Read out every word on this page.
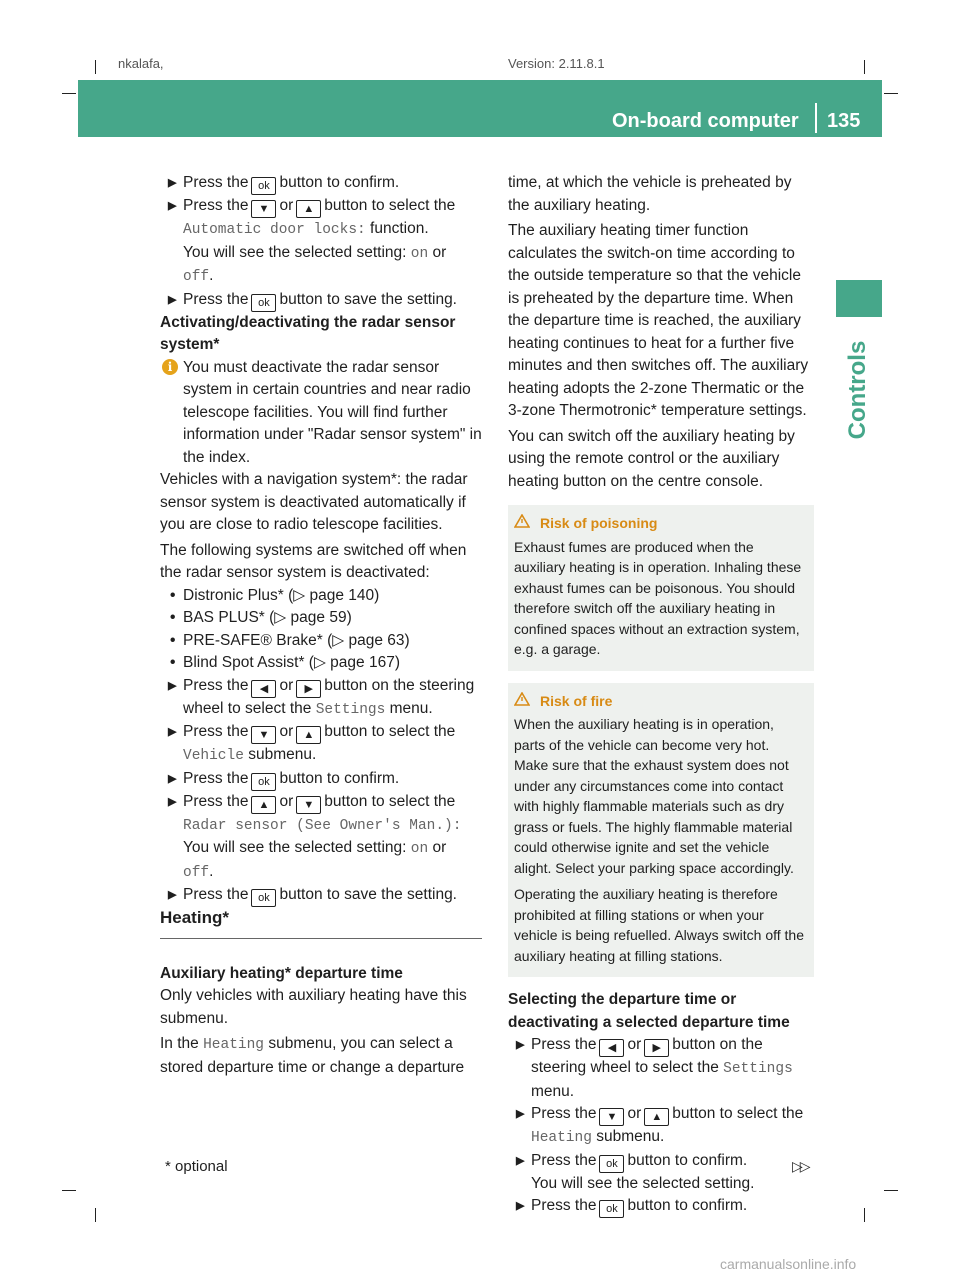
nkalafa,	Version: 2.11.8.1
On-board computer 135
Controls

▶ Press the ok button to confirm.

▶ Press the ▼ or ▲ button to select the Automatic door locks: function.
You will see the selected setting: on or
off.

▶ Press the ok button to save the setting.

Activating/deactivating the radar sensor system*

i You must deactivate the radar sensor system in certain countries and near radio telescope facilities. You will find further information under "Radar sensor system" in the index.

Vehicles with a navigation system*: the radar sensor system is deactivated automatically if you are close to radio telescope facilities.

The following systems are switched off when the radar sensor system is deactivated:

• Distronic Plus* (▷ page 140)

• BAS PLUS* (▷ page 59)

• PRE-SAFE® Brake* (▷ page 63)

• Blind Spot Assist* (▷ page 167)

▶ Press the ◀ or ▶ button on the steering wheel to select the Settings menu.

▶ Press the ▼ or ▲ button to select the Vehicle submenu.

▶ Press the ok button to confirm.

▶ Press the ▲ or ▼ button to select the Radar sensor (See Owner's Man.):
You will see the selected setting: on or
off.

▶ Press the ok button to save the setting.

Heating*

Auxiliary heating* departure time

Only vehicles with auxiliary heating have this submenu.

In the Heating submenu, you can select a stored departure time or change a departure

time, at which the vehicle is preheated by the auxiliary heating.

The auxiliary heating timer function calculates the switch-on time according to the outside temperature so that the vehicle is preheated by the departure time. When the departure time is reached, the auxiliary heating continues to heat for a further five minutes and then switches off. The auxiliary heating adopts the 2-zone Thermatic or the 3-zone Thermotronic* temperature settings.

You can switch off the auxiliary heating by using the remote control or the auxiliary heating button on the centre console.

Risk of poisoning

Exhaust fumes are produced when the auxiliary heating is in operation. Inhaling these exhaust fumes can be poisonous. You should therefore switch off the auxiliary heating in confined spaces without an extraction system, e.g. a garage.

Risk of fire

When the auxiliary heating is in operation, parts of the vehicle can become very hot. Make sure that the exhaust system does not under any circumstances come into contact with highly flammable materials such as dry grass or fuels. The highly flammable material could otherwise ignite and set the vehicle alight. Select your parking space accordingly.

Operating the auxiliary heating is therefore prohibited at filling stations or when your vehicle is being refuelled. Always switch off the auxiliary heating at filling stations.

Selecting the departure time or deactivating a selected departure time

▶ Press the ◀ or ▶ button on the steering wheel to select the Settings menu.

▶ Press the ▼ or ▲ button to select the Heating submenu.

▶ Press the ok button to confirm.
You will see the selected setting.

▶ Press the ok button to confirm.

* optional	▷▷
carmanualsonline.info
